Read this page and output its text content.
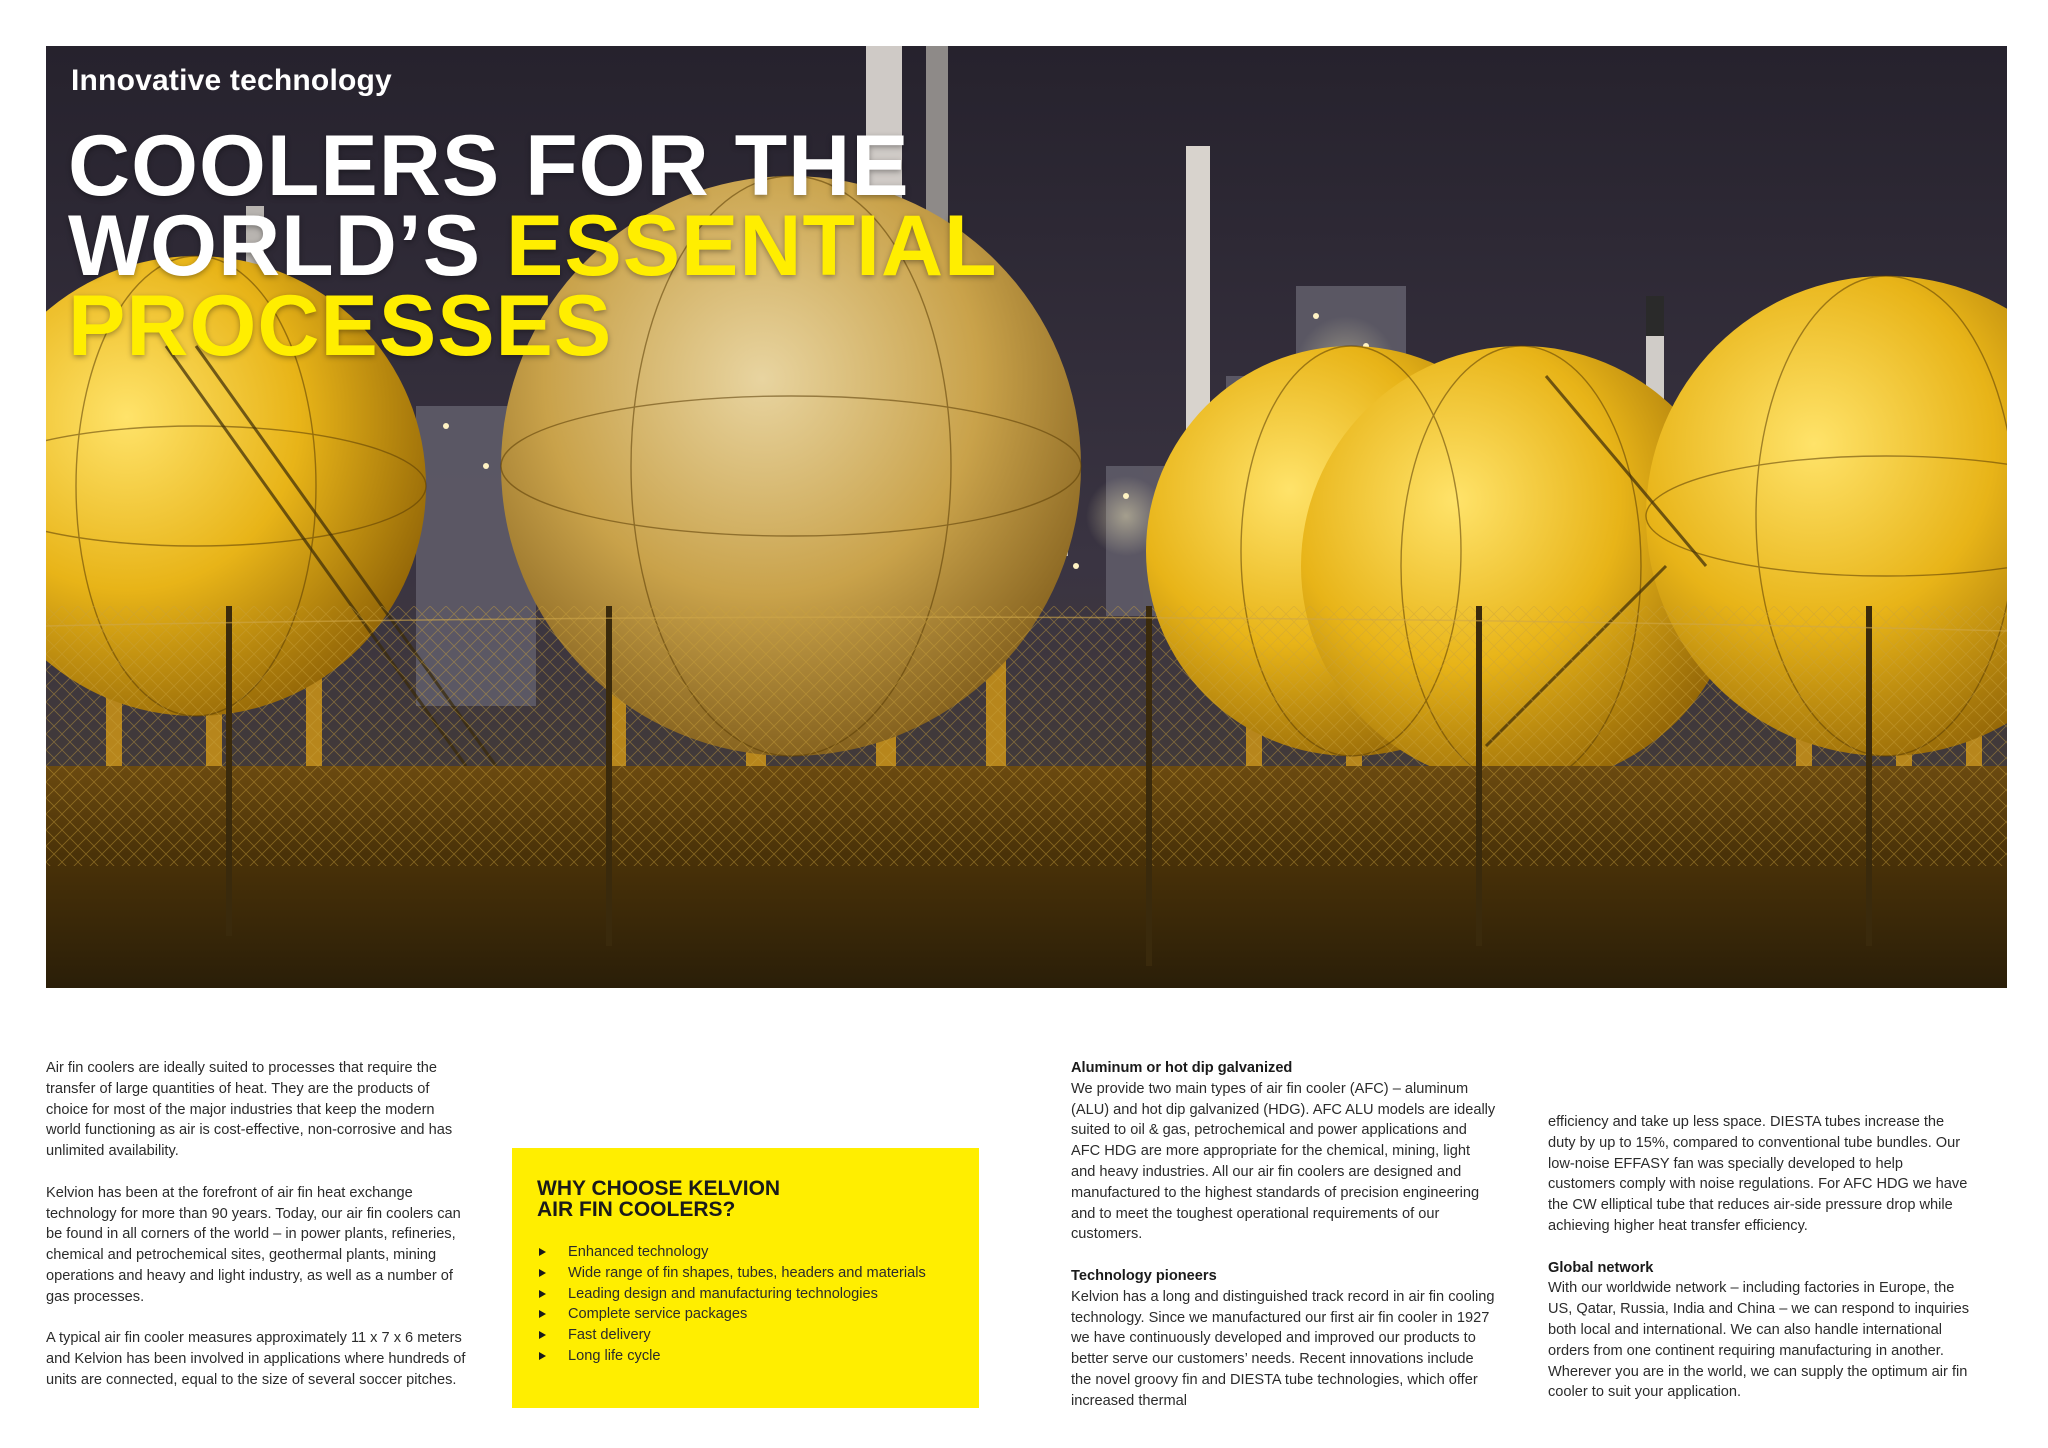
Innovative technology
COOLERS FOR THE
WORLD’S ESSENTIAL
PROCESSES

Air fin coolers are ideally suited to processes that require the transfer of large quantities of heat. They are the products of choice for most of the major industries that keep the modern world functioning as air is cost-effective, non-corrosive and has unlimited availability.

Kelvion has been at the forefront of air fin heat exchange technology for more than 90 years. Today, our air fin coolers can be found in all corners of the world – in power plants, refineries, chemical and petrochemical sites, geothermal plants, mining operations and heavy and light industry, as well as a number of gas processes.

A typical air fin cooler measures approximately 11 x 7 x 6 meters and Kelvion has been involved in applications where hundreds of units are connected, equal to the size of several soccer pitches.

WHY CHOOSE KELVION
AIR FIN COOLERS?
Enhanced technology
Wide range of fin shapes, tubes, headers and materials
Leading design and manufacturing technologies
Complete service packages
Fast delivery
Long life cycle
Aluminum or hot dip galvanized

We provide two main types of air fin cooler (AFC) – aluminum (ALU) and hot dip galvanized (HDG). AFC ALU models are ideally suited to oil & gas, petrochemical and power applications and AFC HDG are more appropriate for the chemical, mining, light and heavy industries. All our air fin coolers are designed and manufactured to the highest standards of precision engineering and to meet the toughest operational requirements of our customers.

Technology pioneers

Kelvion has a long and distinguished track record in air fin cooling technology. Since we manufactured our first air fin cooler in 1927 we have continuously developed and improved our products to better serve our customers’ needs. Recent innovations include the novel groovy fin and DIESTA tube technologies, which offer increased thermal

efficiency and take up less space. DIESTA tubes increase the duty by up to 15%, compared to conventional tube bundles. Our low-noise EFFASY fan was specially developed to help customers comply with noise regulations. For AFC HDG we have the CW elliptical tube that reduces air-side pressure drop while achieving higher heat transfer efficiency.

Global network

With our worldwide network – including factories in Europe, the US, Qatar, Russia, India and China – we can respond to inquiries both local and international. We can also handle international orders from one continent requiring manufacturing in another. Wherever you are in the world, we can supply the optimum air fin cooler to suit your application.
